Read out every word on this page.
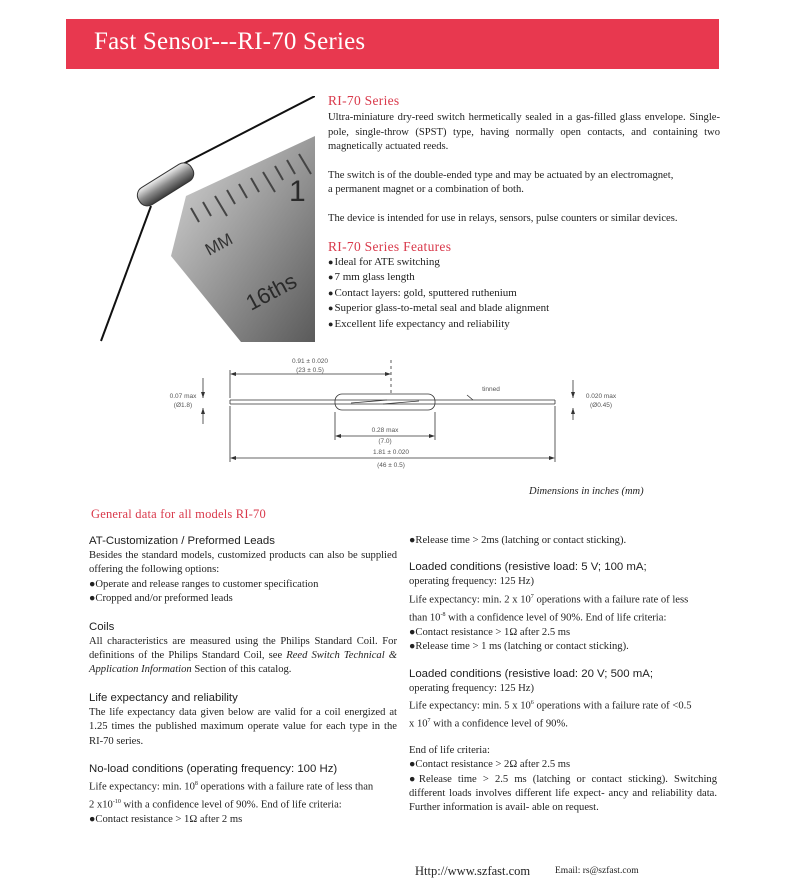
Fast Sensor---RI-70 Series
MM
16ths
1
RI-70 Series

Ultra-miniature dry-reed switch hermetically sealed in a gas-filled glass envelope. Single-pole, single-throw (SPST) type, having normally open contacts, and containing two magnetically actuated reeds.

The switch is of the double-ended type and may be actuated by an electromagnet,
a permanent magnet or a combination of both.
The device is intended for use in relays, sensors, pulse counters or similar devices.
RI-70 Series Features
●Ideal for ATE switching
●7 mm glass length
●Contact layers: gold, sputtered ruthenium
●Superior glass-to-metal seal and blade alignment
●Excellent life expectancy and reliability
0.91 ± 0.020
(23 ± 0.5)
0.07 max
(Ø1.8)
tinned
0.020 max
(Ø0.45)
0.28 max
(7.0)
1.81 ± 0.020
(46 ± 0.5)
Dimensions in inches (mm)
General data for all models RI-70
AT-Customization / Preformed Leads

Besides the standard models, customized products can also be supplied offering the following options:

●Operate and release ranges to customer specification
●Cropped and/or preformed leads
Coils

All characteristics are measured using the Philips Standard Coil. For definitions of the Philips Standard Coil, see Reed Switch Technical & Application Information Section of this catalog.

Life expectancy and reliability

The life expectancy data given below are valid for a coil energized at 1.25 times the published maximum operate value for each type in the RI-70 series.

No-load conditions (operating frequency: 100 Hz)
Life expectancy: min. $10^8$ operations with a failure rate of less than
2 $x10^{-10}$ with a confidence level of 90%. End of life criteria:
●Contact resistance > 1Ω after 2 ms
●Release time > 2ms (latching or contact sticking).
Loaded conditions (resistive load: 5 V; 100 mA;
operating frequency: 125 Hz)
Life expectancy: min. 2 x $10^7$ operations with a failure rate of less
than $10^{-8}$ with a confidence level of 90%. End of life criteria:
●Contact resistance > 1Ω after 2.5 ms
●Release time > 1 ms (latching or contact sticking).
Loaded conditions (resistive load: 20 V; 500 mA;
operating frequency: 125 Hz)
Life expectancy: min. 5 x $10^6$ operations with a failure rate of <0.5
x $10^7$ with a confidence level of 90%.
End of life criteria:
●Contact resistance > 2Ω after 2.5 ms
●Release time > 2.5 ms (latching or contact sticking). Switching different loads involves different life expect- ancy and reliability data. Further information is avail- able on request.
Http://www.szfast.com	Email: rs@szfast.com
